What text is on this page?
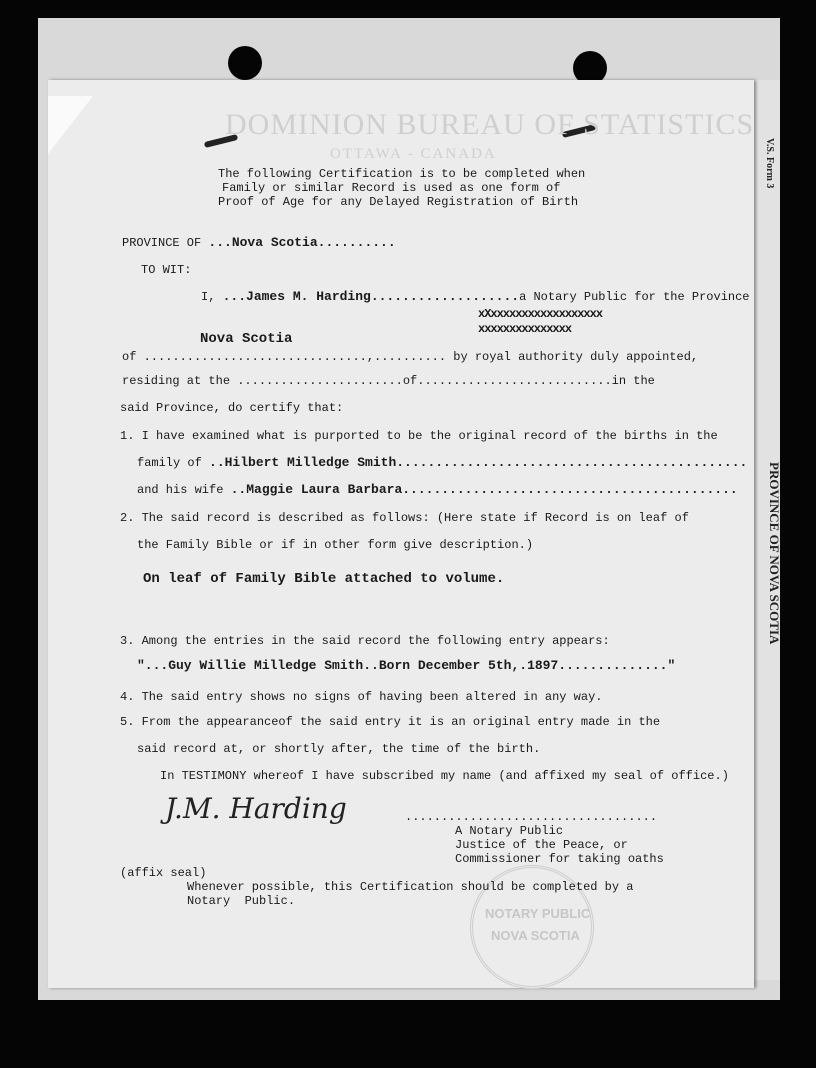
V.S. Form 3
PROVINCE OF NOVA SCOTIA
DOMINION BUREAU OF STATISTICS
OTTAWA - CANADA
NOTARY PUBLIC
NOVA SCOTIA
The following Certification is to be completed when
Family or similar Record is used as one form of
Proof of Age for any Delayed Registration of Birth
PROVINCE OF ...Nova Scotia..........
TO WIT:
I, ...James M. Harding...................a Notary Public for the Province
xXxxxxxxxxxxxxxxxxxx
xxxxxxxxxxxxxxx
Nova Scotia
of ...............................,.......... by royal authority duly appointed,
residing at the .......................of...........................in the
said Province, do certify that:
1. I have examined what is purported to be the original record of the births in the
family of ..Hilbert Milledge Smith.............................................
and his wife ..Maggie Laura Barbara...........................................
2. The said record is described as follows: (Here state if Record is on leaf of
the Family Bible or if in other form give description.)
On leaf of Family Bible attached to volume.
3. Among the entries in the said record the following entry appears:
"...Guy Willie Milledge Smith..Born December 5th,.1897.............."
4. The said entry shows no signs of having been altered in any way.
5. From the appearanceof the said entry it is an original entry made in the
said record at, or shortly after, the time of the birth.
In TESTIMONY whereof I have subscribed my name (and affixed my seal of office.)
J.M. Harding	...................................
A Notary Public
Justice of the Peace, or
Commissioner for taking oaths
(affix seal)
Whenever possible, this Certification should be completed by a
Notary  Public.
